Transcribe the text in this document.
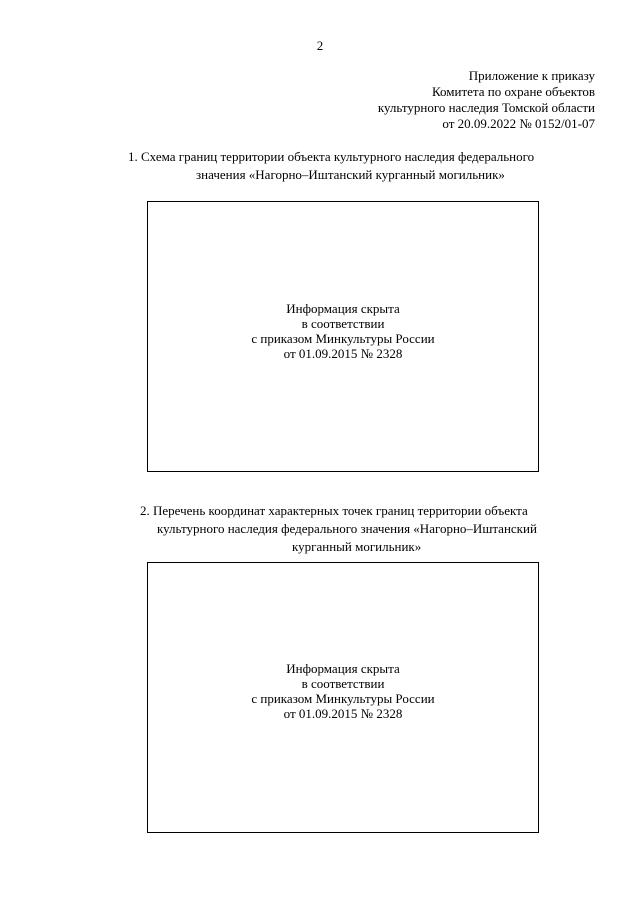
2
Приложение к приказу
Комитета по охране объектов
культурного наследия Томской области
от 20.09.2022 № 0152/01-07
1. Схема границ территории объекта культурного наследия федерального
значения «Нагорно–Иштанский курганный могильник»
Информация скрыта
в соответствии
с приказом Минкультуры России
от 01.09.2015 № 2328
2. Перечень координат характерных точек границ территории объекта
культурного наследия федерального значения «Нагорно–Иштанский
курганный могильник»
Информация скрыта
в соответствии
с приказом Минкультуры России
от 01.09.2015 № 2328
